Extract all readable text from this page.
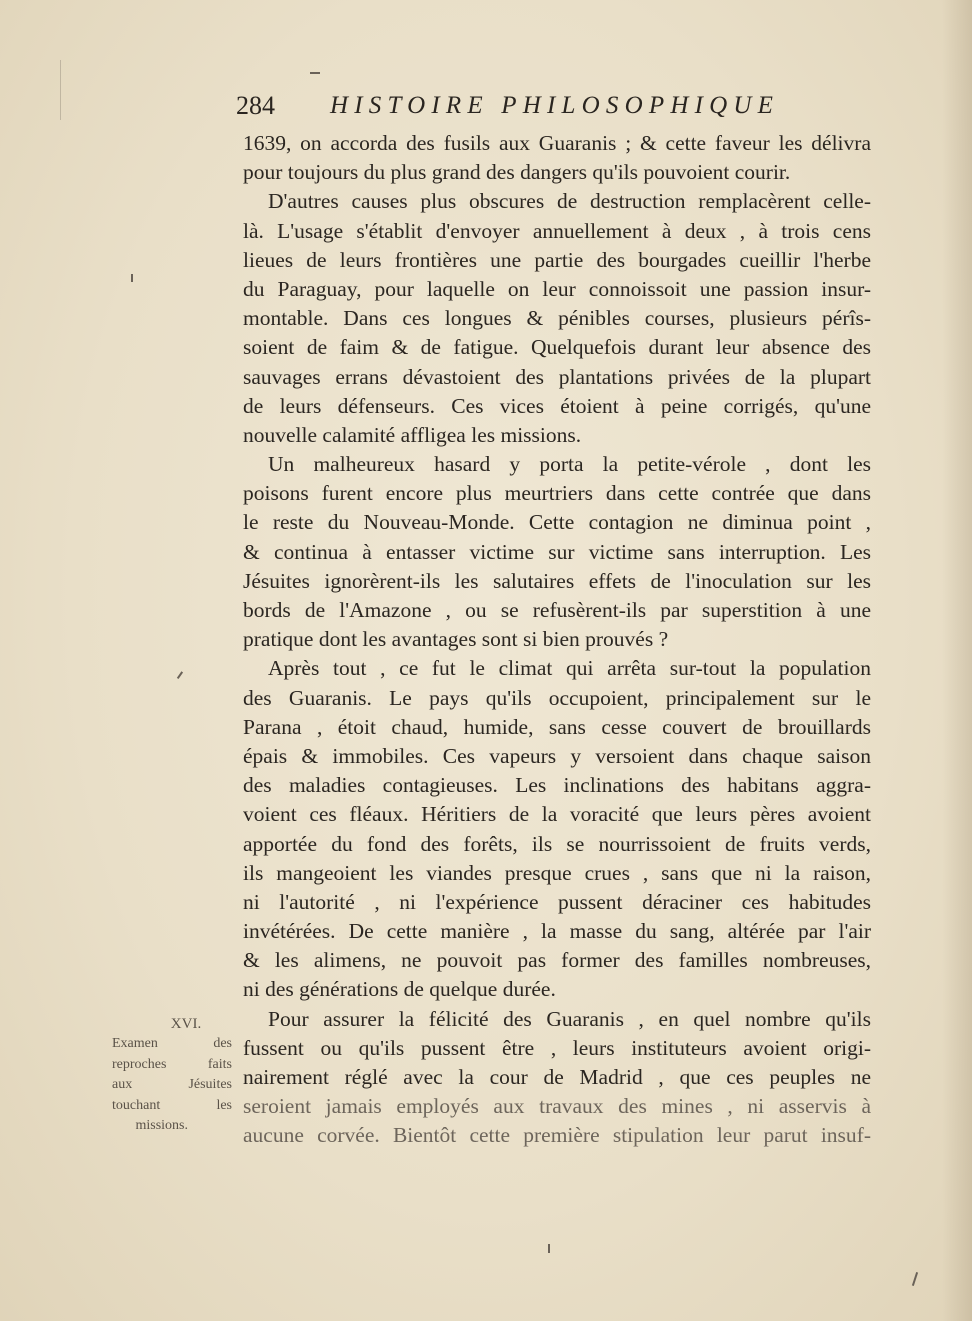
284 HISTOIRE PHILOSOPHIQUE
1639, on accorda des fusils aux Guaranis ; & cette faveur les délivra
pour toujours du plus grand des dangers qu'ils pouvoient courir.
D'autres causes plus obscures de destruction remplacèrent celle-
là. L'usage s'établit d'envoyer annuellement à deux , à trois cens
lieues de leurs frontières une partie des bourgades cueillir l'herbe
du Paraguay, pour laquelle on leur connoissoit une passion insur-
montable. Dans ces longues & pénibles courses, plusieurs pérîs-
soient de faim & de fatigue. Quelquefois durant leur absence des
sauvages errans dévastoient des plantations privées de la plupart
de leurs défenseurs. Ces vices étoient à peine corrigés, qu'une
nouvelle calamité affligea les missions.
Un malheureux hasard y porta la petite-vérole , dont les
poisons furent encore plus meurtriers dans cette contrée que dans
le reste du Nouveau-Monde. Cette contagion ne diminua point ,
& continua à entasser victime sur victime sans interruption. Les
Jésuites ignorèrent-ils les salutaires effets de l'inoculation sur les
bords de l'Amazone , ou se refusèrent-ils par superstition à une
pratique dont les avantages sont si bien prouvés ?
Après tout , ce fut le climat qui arrêta sur-tout la population
des Guaranis. Le pays qu'ils occupoient, principalement sur le
Parana , étoit chaud, humide, sans cesse couvert de brouillards
épais & immobiles. Ces vapeurs y versoient dans chaque saison
des maladies contagieuses. Les inclinations des habitans aggra-
voient ces fléaux. Héritiers de la voracité que leurs pères avoient
apportée du fond des forêts, ils se nourrissoient de fruits verds,
ils mangeoient les viandes presque crues , sans que ni la raison,
ni l'autorité , ni l'expérience pussent déraciner ces habitudes
invétérées. De cette manière , la masse du sang, altérée par l'air
& les alimens, ne pouvoit pas former des familles nombreuses,
ni des générations de quelque durée.
Pour assurer la félicité des Guaranis , en quel nombre qu'ils
fussent ou qu'ils pussent être , leurs instituteurs avoient origi-
nairement réglé avec la cour de Madrid , que ces peuples ne
seroient jamais employés aux travaux des mines , ni asservis à
aucune corvée. Bientôt cette première stipulation leur parut insuf-
XVI.
Examen des
reproches faits
aux Jésuites
touchant les
missions.
